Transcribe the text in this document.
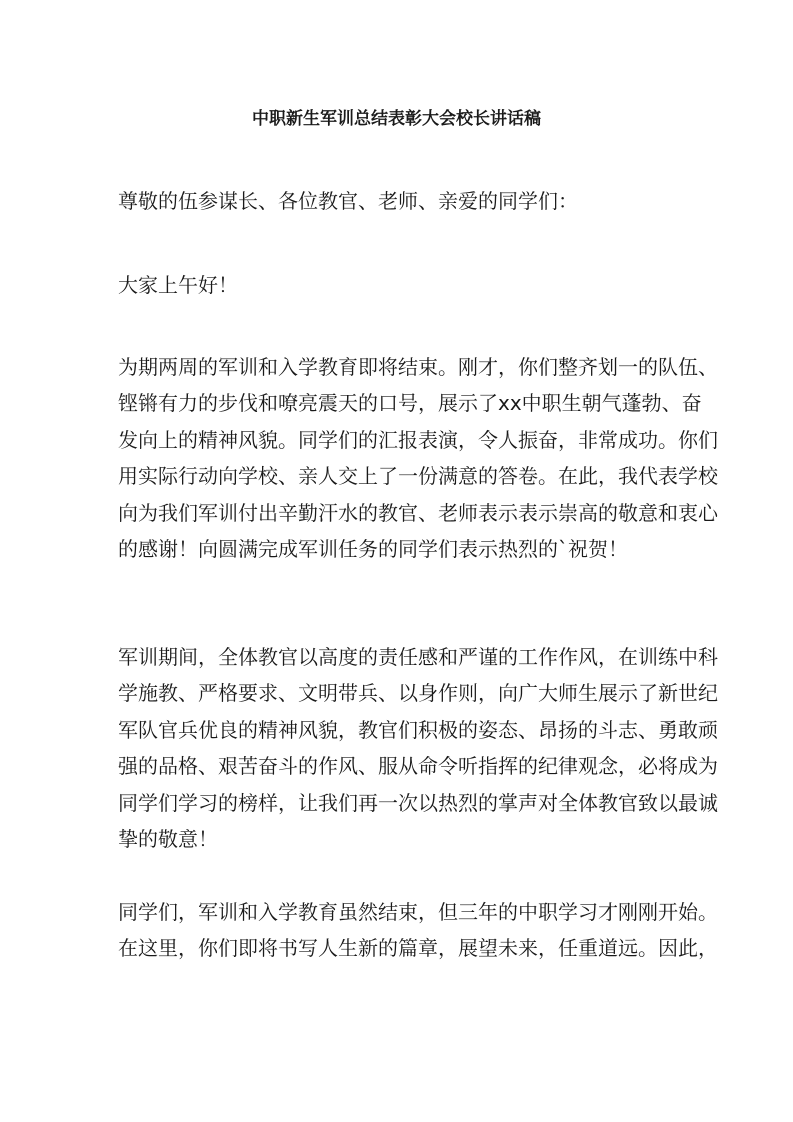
中职新生军训总结表彰大会校长讲话稿
尊敬的伍参谋长、各位教官、老师、亲爱的同学们：
大家上午好！
为期两周的军训和入学教育即将结束。刚才，你们整齐划一的队伍、
铿锵有力的步伐和嘹亮震天的口号，展示了xx中职生朝气蓬勃、奋
发向上的精神风貌。同学们的汇报表演，令人振奋，非常成功。你们
用实际行动向学校、亲人交上了一份满意的答卷。在此，我代表学校
向为我们军训付出辛勤汗水的教官、老师表示表示崇高的敬意和衷心
的感谢！向圆满完成军训任务的同学们表示热烈的`祝贺！
军训期间，全体教官以高度的责任感和严谨的工作作风，在训练中科
学施教、严格要求、文明带兵、以身作则，向广大师生展示了新世纪
军队官兵优良的精神风貌，教官们积极的姿态、昂扬的斗志、勇敢顽
强的品格、艰苦奋斗的作风、服从命令听指挥的纪律观念，必将成为
同学们学习的榜样，让我们再一次以热烈的掌声对全体教官致以最诚
挚的敬意！
同学们，军训和入学教育虽然结束，但三年的中职学习才刚刚开始。
在这里，你们即将书写人生新的篇章，展望未来，任重道远。因此，
